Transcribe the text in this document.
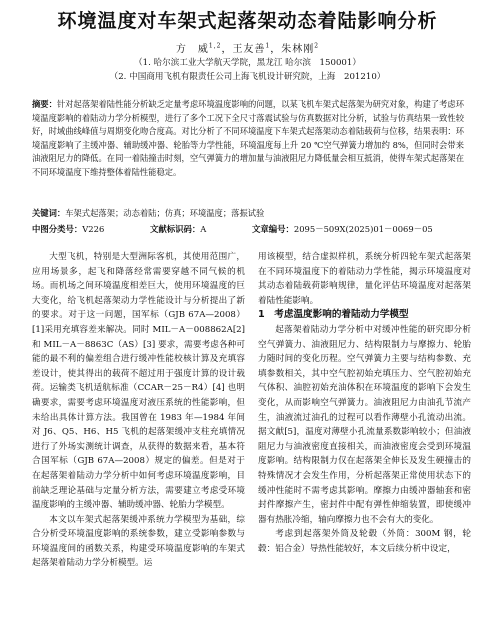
环境温度对车架式起落架动态着陆影响分析
方　威$^{1,2}$，王友善$^1$，朱林刚$^2$
（1. 哈尔滨工业大学航天学院，黑龙江 哈尔滨　150001）
（2. 中国商用飞机有限责任公司上海飞机设计研究院，上海　201210）
摘要：针对起落架着陆性能分析缺乏定量考虑环境温度影响的问题，以某飞机车架式起落架为研究对象，构建了考虑环境温度影响的着陆动力学分析模型，进行了多个工况下全尺寸落震试验与仿真数据对比分析，试验与仿真结果一致性较好，时域曲线峰值与周期变化吻合度高。对比分析了不同环境温度下车架式起落架动态着陆载荷与位移，结果表明：环境温度影响了主缓冲器、辅助缓冲器、轮胎等力学性能，环境温度每上升 20 ℃空气弹簧力增加约 8%，但同时会带来油液阻尼力的降低。在同一着陆撞击时刻，空气弹簧力的增加量与油液阻尼力降低量会相互抵消，使得车架式起落架在不同环境温度下维持整体着陆性能稳定。
关键词：车架式起落架；动态着陆；仿真；环境温度；落振试验
中图分类号：V226	文献标识码：A	文章编号：2095－509X(2025)01－0069－05

大型飞机，特别是大型洲际客机，其使用范围广，应用场景多，起飞和降落经常需要穿越不同气候的机场。而机场之间环境温度相差巨大，使用环境温度的巨大变化，给飞机起落架动力学性能设计与分析提出了新的要求。对于这一问题，国军标（GJB 67A—2008）[1]采用充填容差来解决。同时 MIL－A－008862A[2] 和 MIL－A－8863C（AS）[3] 要求，需要考虑各种可能的最不利的偏差组合进行缓冲性能校核计算及充填容差设计，使其得出的载荷不超过用于强度计算的设计载荷。运输类飞机适航标准（CCAR－25－R4）[4] 也明确要求，需要考虑环境温度对液压系统的性能影响，但未给出具体计算方法。我国曾在 1983 年—1984 年间对 J6、Q5、H6、H5 飞机的起落架缓冲支柱充填情况进行了外场实测统计调查，从获得的数据来看，基本符合国军标（GJB 67A—2008）规定的偏差。但是对于在起落架着陆动力学分析中如何考虑环境温度影响，目前缺乏理论基础与定量分析方法，需要建立考虑受环境温度影响的主缓冲器、辅助缓冲器、轮胎力学模型。

本文以车架式起落架缓冲系统力学模型为基础，综合分析受环境温度影响的系统参数，建立受影响参数与环境温度间的函数关系，构建受环境温度影响的车架式起落架着陆动力学分析模型。运

用该模型，结合虚拟样机，系统分析四轮车架式起落架在不同环境温度下的着陆动力学性能，揭示环境温度对其动态着陆载荷影响规律，量化评估环境温度对起落架着陆性能影响。

1　考虑温度影响的着陆动力学模型

起落架着陆动力学分析中对缓冲性能的研究即分析空气弹簧力、油液阻尼力、结构限制力与摩擦力、轮胎力随时间的变化历程。空气弹簧力主要与结构参数、充填参数相关，其中空气腔初始充填压力、空气腔初始充气体积、油腔初始充油体积在环境温度的影响下会发生变化，从而影响空气弹簧力。油液阻尼力由油孔节流产生，油液流过油孔的过程可以看作薄壁小孔流动出流。据文献[5]，温度对薄壁小孔流量系数影响较小；但油液阻尼力与油液密度直接相关，而油液密度会受到环境温度影响。结构限制力仅在起落架全伸长及发生硬撞击的特殊情况才会发生作用，分析起落架正常使用状态下的缓冲性能时不需考虑其影响。摩擦力由缓冲器轴套和密封件摩擦产生，密封件中配有弹性伸缩装置，即使缓冲器有热胀冷缩，轴向摩擦力也不会有大的变化。

考虑到起落架外筒及轮毂（外筒：300M 钢，轮毂：铝合金）导热性能较好，本文后续分析中设定，
